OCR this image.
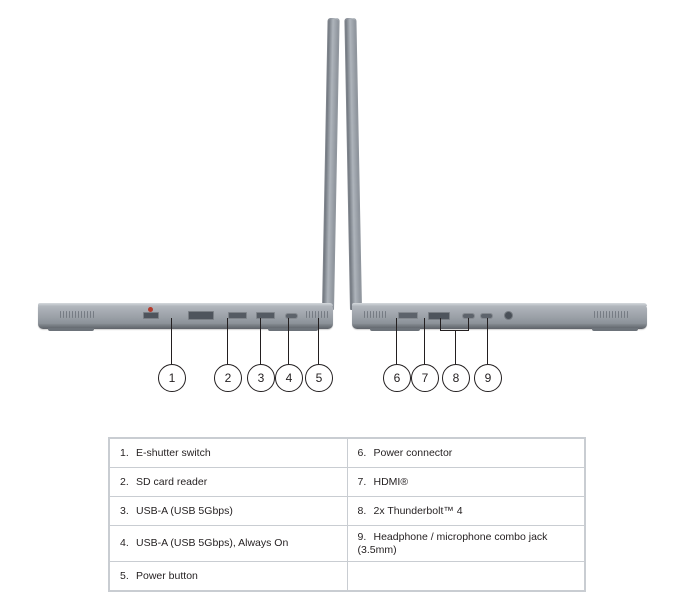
1	2	3	4	5	6	7	8	9
1. E-shutter switch	6. Power connector
2. SD card reader	7. HDMI®
3. USB-A (USB 5Gbps)	8. 2x Thunderbolt™ 4
4. USB-A (USB 5Gbps), Always On	9. Headphone / microphone combo jack (3.5mm)
5. Power button	
